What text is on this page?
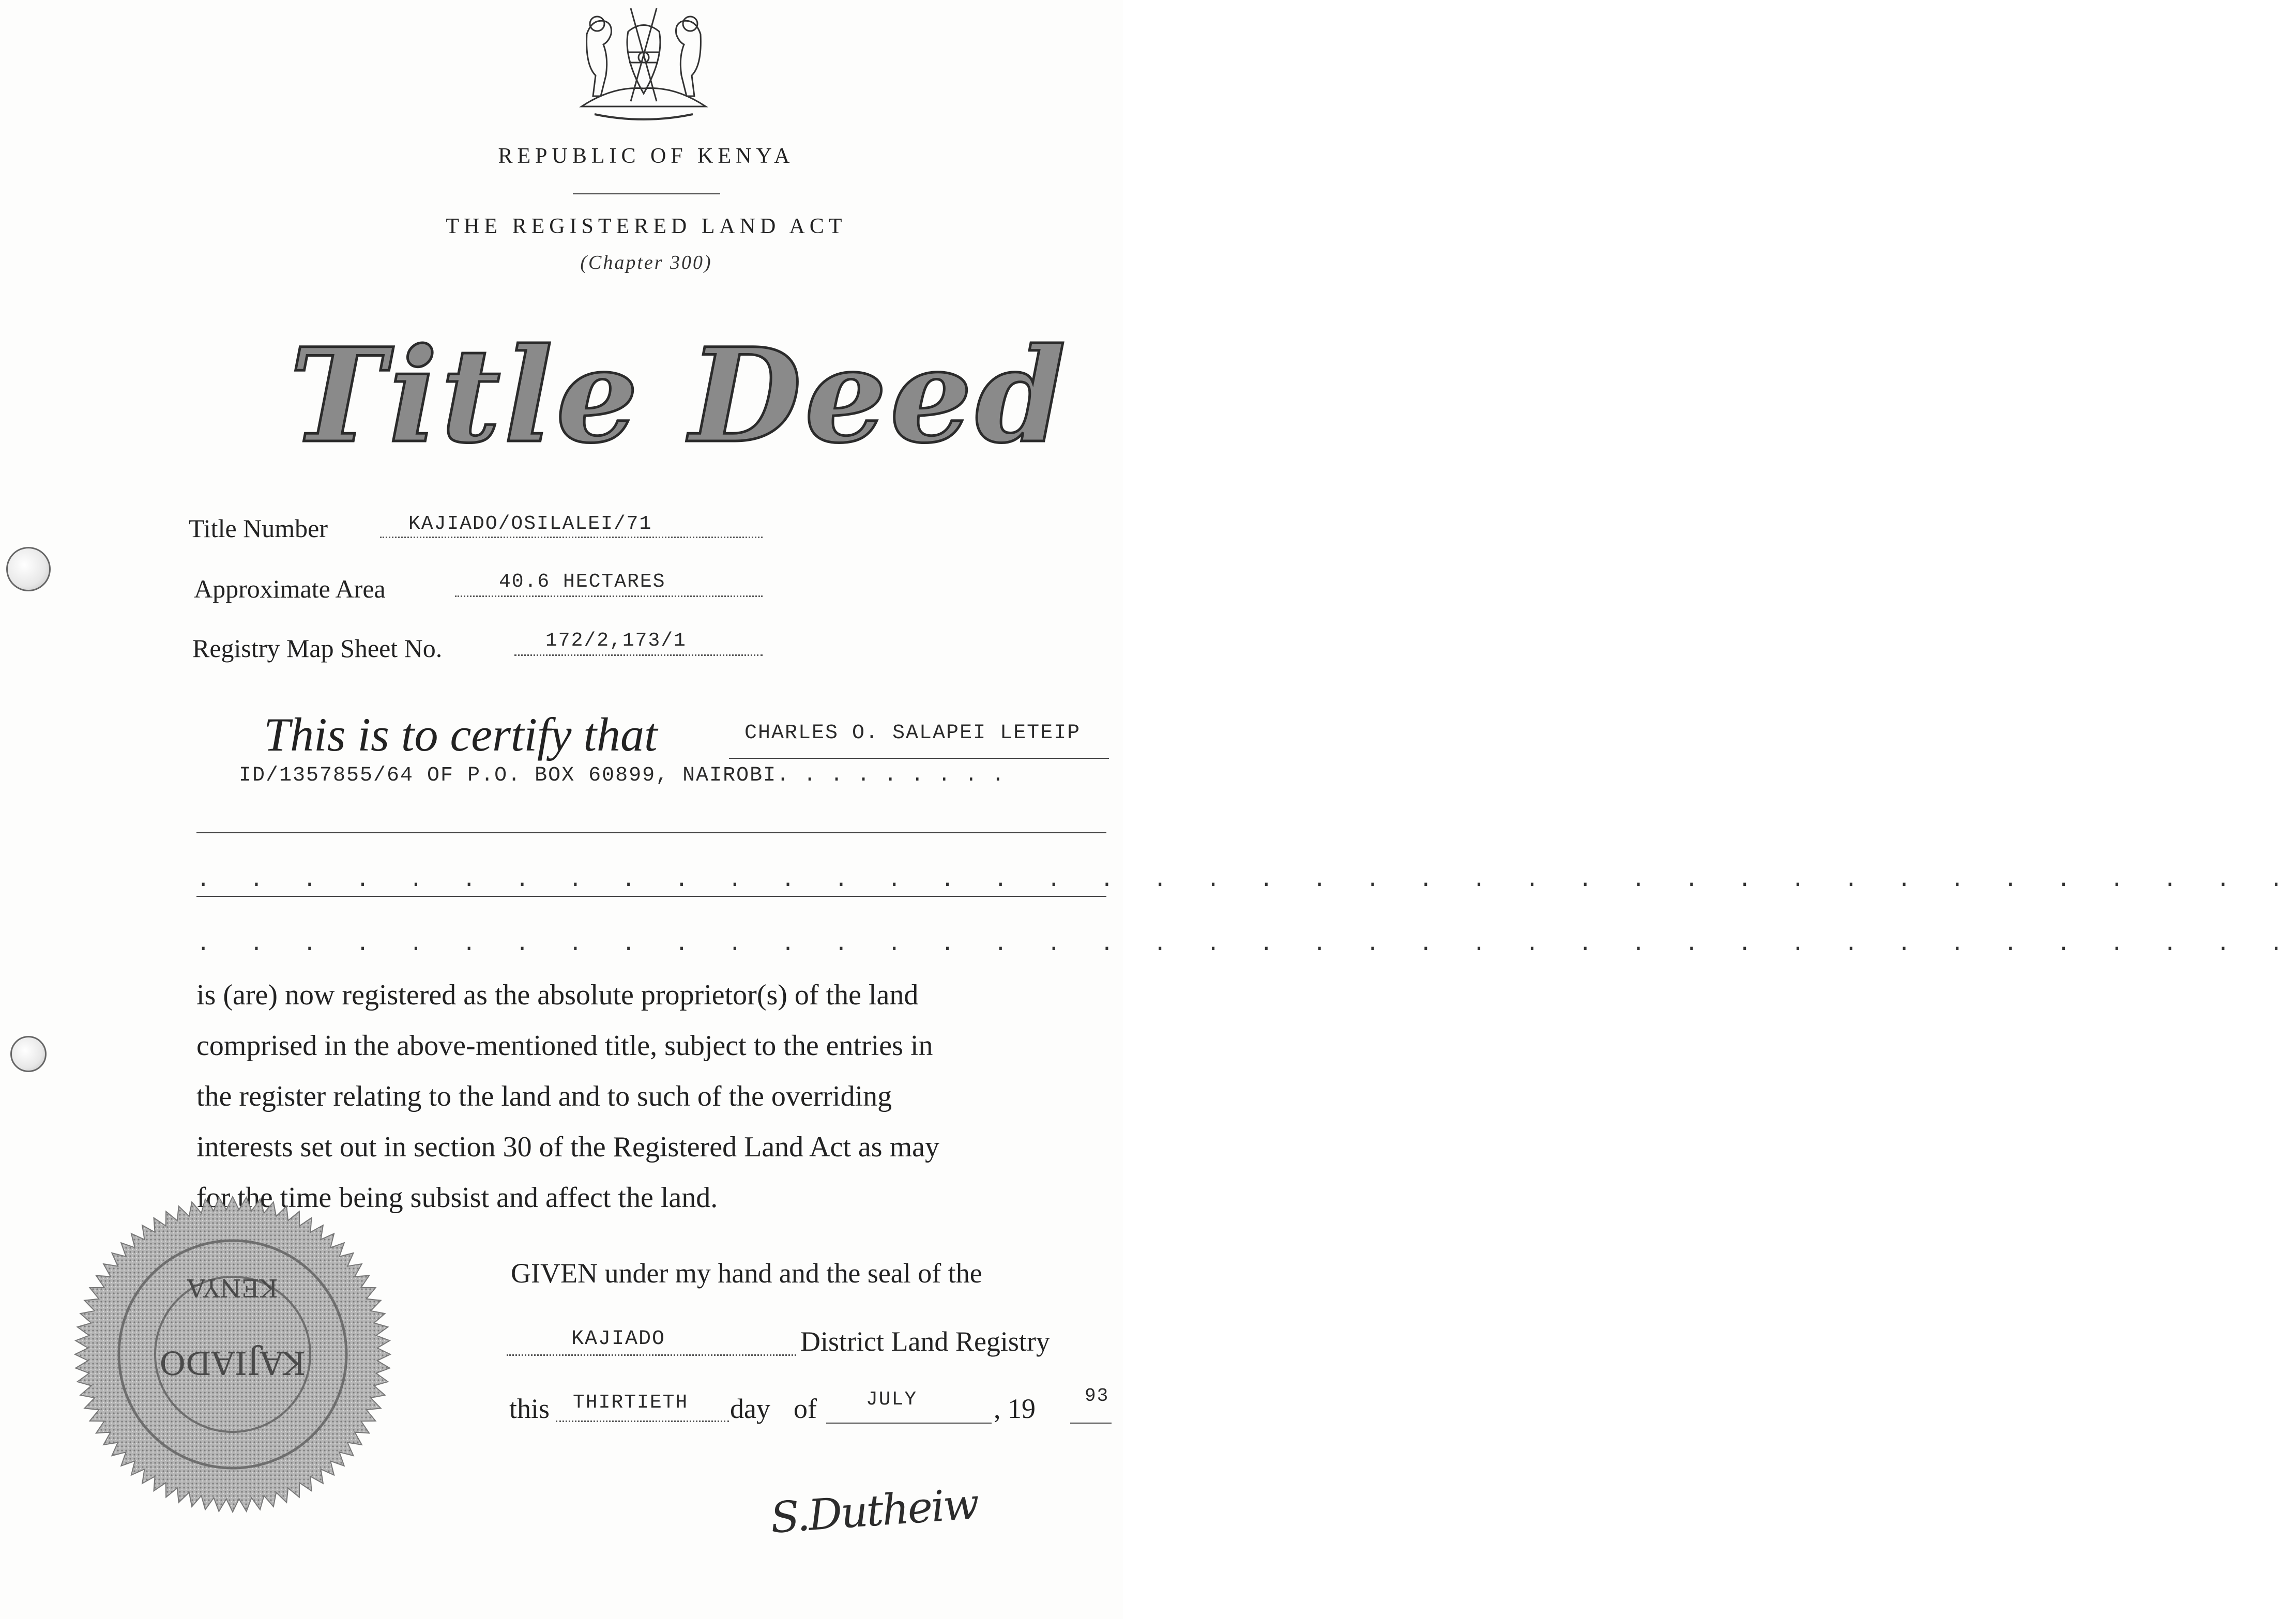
REPUBLIC OF KENYA
THE REGISTERED LAND ACT
(Chapter 300)
Title Deed
Title Number	KAJIADO/OSILALEI/71
Approximate Area	40.6 HECTARES
Registry Map Sheet No.	172/2,173/1
This is to certify that	CHARLES O. SALAPEI LETEIP
ID/1357855/64 OF P.O. BOX 60899, NAIROBI. . . . . . . . .
. . . . . . . . . . . . . . . . . . . . . . . . . . . . . . . . . . . . . . . .
. . . . . . . . . . . . . . . . . . . . . . . . . . . . . . . . . . . . . . . .
is (are) now registered as the absolute proprietor(s) of the land
comprised in the above-mentioned title, subject to the entries in
the register relating to the land and to such of the overriding
interests set out in section 30 of the Registered Land Act as may
for the time being subsist and affect the land.
KENYA
KAJIADO
GIVEN under my hand and the seal of the
KAJIADO	District Land Registry
this THIRTIETH day of	JULY	, 19	93
S.Dutheiw
